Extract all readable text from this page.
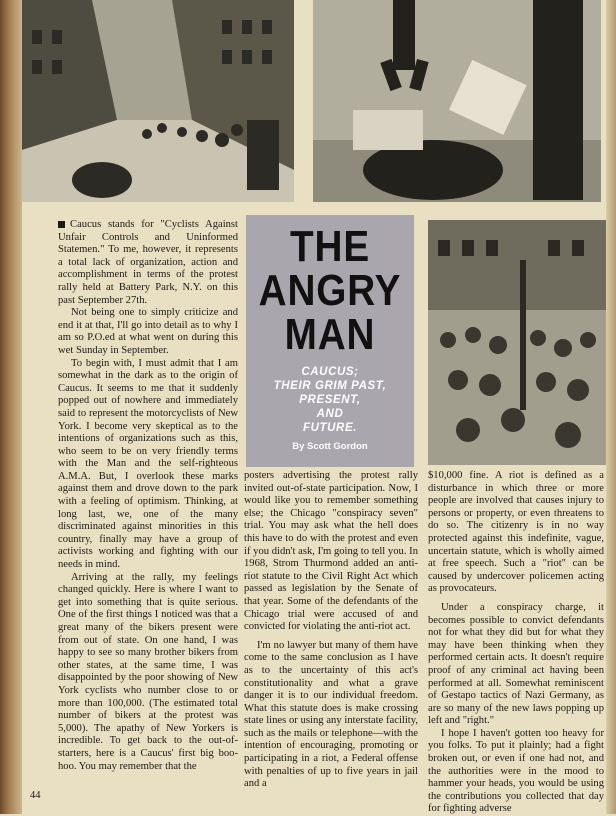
THE
ANGRY
MAN
CAUCUS;
THEIR GRIM PAST,
PRESENT,
AND
FUTURE.
By Scott Gordon

Caucus stands for "Cyclists Against Unfair Controls and Uninformed Statemen." To me, however, it represents a total lack of organization, action and accomplishment in terms of the protest rally held at Battery Park, N.Y. on this past September 27th.

Not being one to simply criticize and end it at that, I'll go into detail as to why I am so P.O.ed at what went on during this wet Sunday in September.

To begin with, I must admit that I am somewhat in the dark as to the origin of Caucus. It seems to me that it suddenly popped out of nowhere and immediately said to represent the motorcyclists of New York. I become very skeptical as to the intentions of organizations such as this, who seem to be on very friendly terms with the Man and the self-righteous A.M.A. But, I overlook these marks against them and drove down to the park with a feeling of optimism. Thinking, at long last, we, one of the many discriminated against minorities in this country, finally may have a group of activists working and fighting with our needs in mind.

Arriving at the rally, my feelings changed quickly. Here is where I want to get into something that is quite serious. One of the first things I noticed was that a great many of the bikers present were from out of state. On one hand, I was happy to see so many brother bikers from other states, at the same time, I was disappointed by the poor showing of New York cyclists who number close to or more than 100,000. (The estimated total number of bikers at the protest was 5,000). The apathy of New Yorkers is incredible. To get back to the out-of-starters, here is a Caucus' first big boo-hoo. You may remember that the

posters advertising the protest rally invited out-of-state participation. Now, I would like you to remember something else; the Chicago "conspiracy seven" trial. You may ask what the hell does this have to do with the protest and even if you didn't ask, I'm going to tell you. In 1968, Strom Thurmond added an anti-riot statute to the Civil Right Act which passed as legislation by the Senate of that year. Some of the defendants of the Chicago trial were accused of and convicted for violating the anti-riot act.

I'm no lawyer but many of them have come to the same conclusion as I have as to the uncertainty of this act's constitutionality and what a grave danger it is to our individual freedom. What this statute does is make crossing state lines or using any interstate facility, such as the mails or telephone—with the intention of encouraging, promoting or participating in a riot, a Federal offense with penalties of up to five years in jail and a

$10,000 fine. A riot is defined as a disturbance in which three or more people are involved that causes injury to persons or property, or even threatens to do so. The citizenry is in no way protected against this indefinite, vague, uncertain statute, which is wholly aimed at free speech. Such a "riot" can be caused by undercover policemen acting as provocateurs.

Under a conspiracy charge, it becomes possible to convict defendants not for what they did but for what they may have been thinking when they performed certain acts. It doesn't require proof of any criminal act having been performed at all. Somewhat reminiscent of Gestapo tactics of Nazi Germany, as are so many of the new laws popping up left and "right."

I hope I haven't gotten too heavy for you folks. To put it plainly; had a fight broken out, or even if one had not, and the authorities were in the mood to hammer your heads, you would be using the contributions you collected that day for fighting adverse

44
